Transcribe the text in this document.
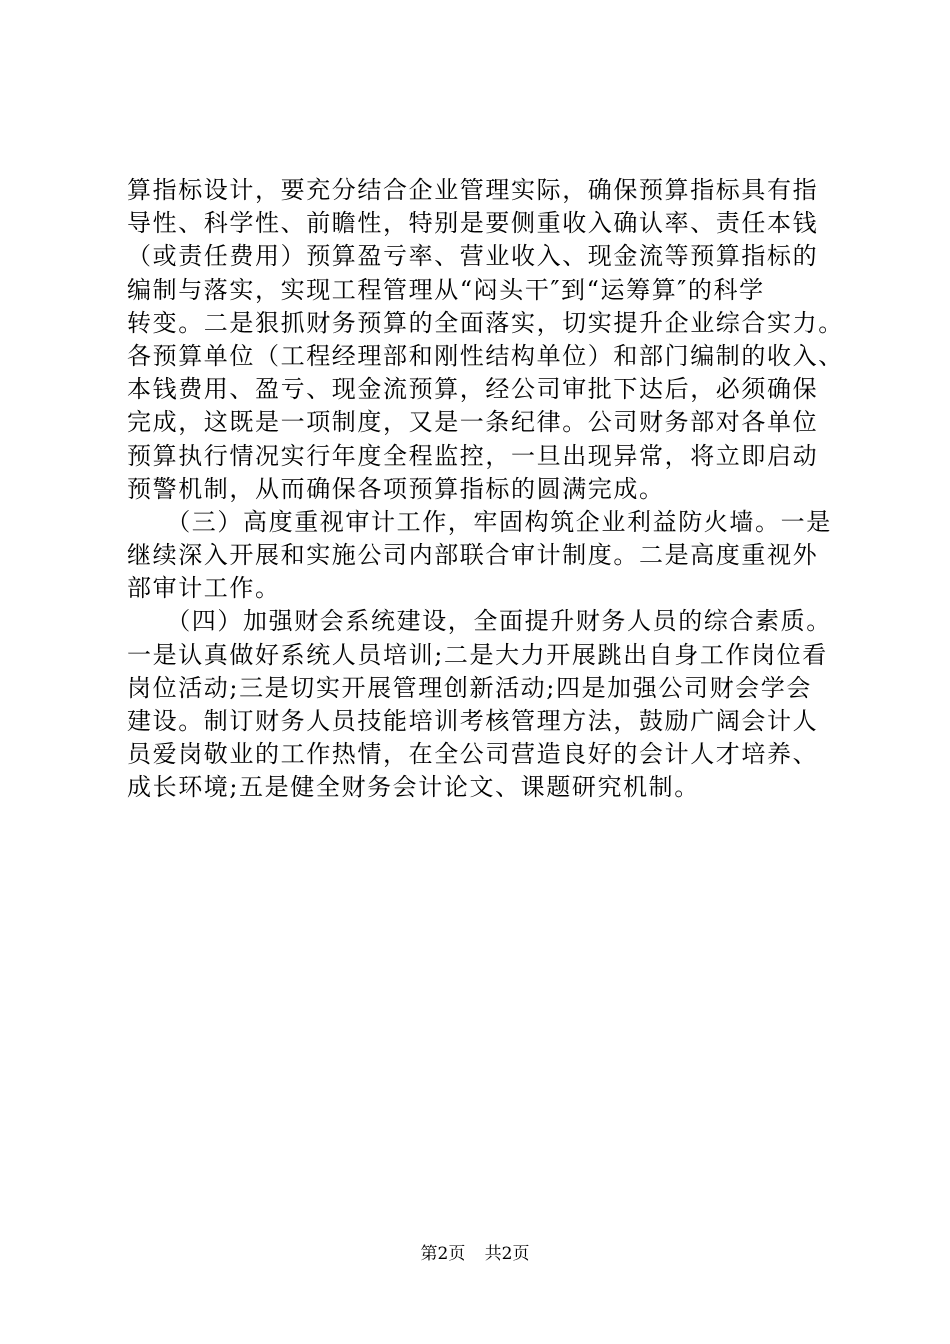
算指标设计，要充分结合企业管理实际，确保预算指标具有指
导性、科学性、前瞻性，特别是要侧重收入确认率、责任本钱
（或责任费用）预算盈亏率、营业收入、现金流等预算指标的
编制与落实，实现工程管理从“闷头干″到“运筹算″的科学
转变。二是狠抓财务预算的全面落实，切实提升企业综合实力。
各预算单位（工程经理部和刚性结构单位）和部门编制的收入、
本钱费用、盈亏、现金流预算，经公司审批下达后，必须确保
完成，这既是一项制度，又是一条纪律。公司财务部对各单位
预算执行情况实行年度全程监控，一旦出现异常，将立即启动
预警机制，从而确保各项预算指标的圆满完成。
　　（三）高度重视审计工作，牢固构筑企业利益防火墙。一是
继续深入开展和实施公司内部联合审计制度。二是高度重视外
部审计工作。
　　（四）加强财会系统建设，全面提升财务人员的综合素质。
一是认真做好系统人员培训;二是大力开展跳出自身工作岗位看
岗位活动;三是切实开展管理创新活动;四是加强公司财会学会
建设。制订财务人员技能培训考核管理方法，鼓励广阔会计人
员爱岗敬业的工作热情，在全公司营造良好的会计人才培养、
成长环境;五是健全财务会计论文、课题研究机制。
第2页   共2页
